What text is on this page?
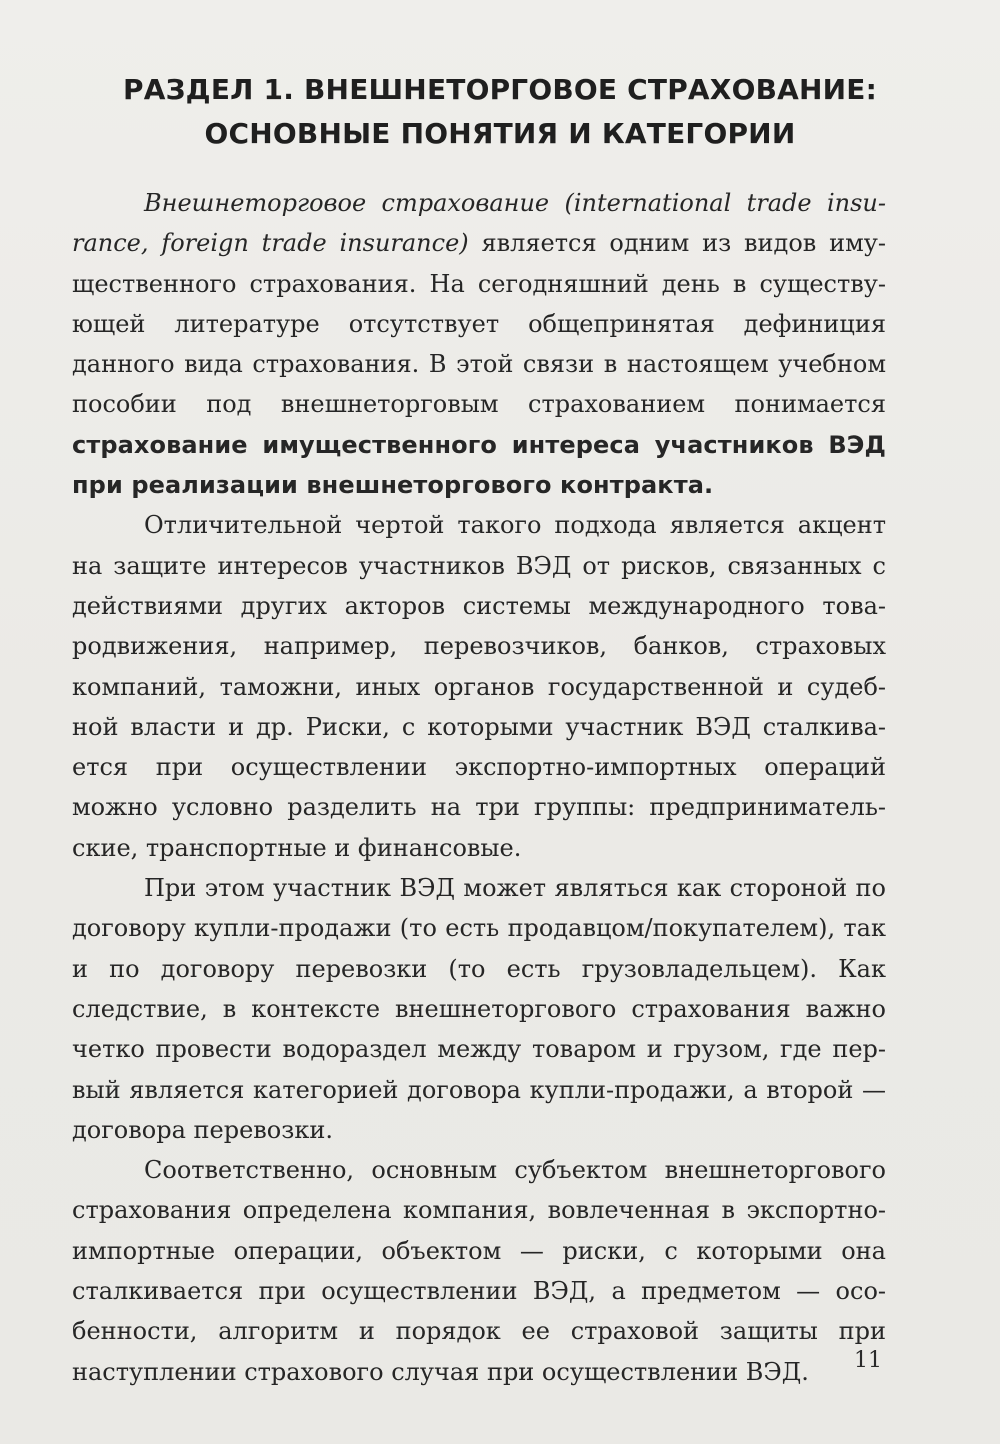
РАЗДЕЛ 1. ВНЕШНЕТОРГОВОЕ СТРАХОВАНИЕ:
ОСНОВНЫЕ ПОНЯТИЯ И КАТЕГОРИИ

Внешнеторговое страхование (international trade insurance, foreign trade insurance) является одним из видов имущественного страхования. На сегодняшний день в существующей литературе отсутствует общепринятая дефиниция данного вида страхования. В этой связи в настоящем учебном пособии под внешнеторговым страхованием понимается страхование имущественного интереса участников ВЭД при реализации внешнеторгового контракта.

Отличительной чертой такого подхода является акцент на защите интересов участников ВЭД от рисков, связанных с действиями других акторов системы международного товародвижения, например, перевозчиков, банков, страховых компаний, таможни, иных органов государственной и судебной власти и др. Риски, с которыми участник ВЭД сталкивается при осуществлении экспортно-импортных операций можно условно разделить на три группы: предпринимательские, транспортные и финансовые.

При этом участник ВЭД может являться как стороной по договору купли-продажи (то есть продавцом/покупателем), так и по договору перевозки (то есть грузовладельцем). Как следствие, в контексте внешнеторгового страхования важно четко провести водораздел между товаром и грузом, где первый является категорией договора купли-продажи, а второй — договора перевозки.

Соответственно, основным субъектом внешнеторгового страхования определена компания, вовлеченная в экспортно-импортные операции, объектом — риски, с которыми она сталкивается при осуществлении ВЭД, а предметом — особенности, алгоритм и порядок ее страховой защиты при наступлении страхового случая при осуществлении ВЭД.	11
